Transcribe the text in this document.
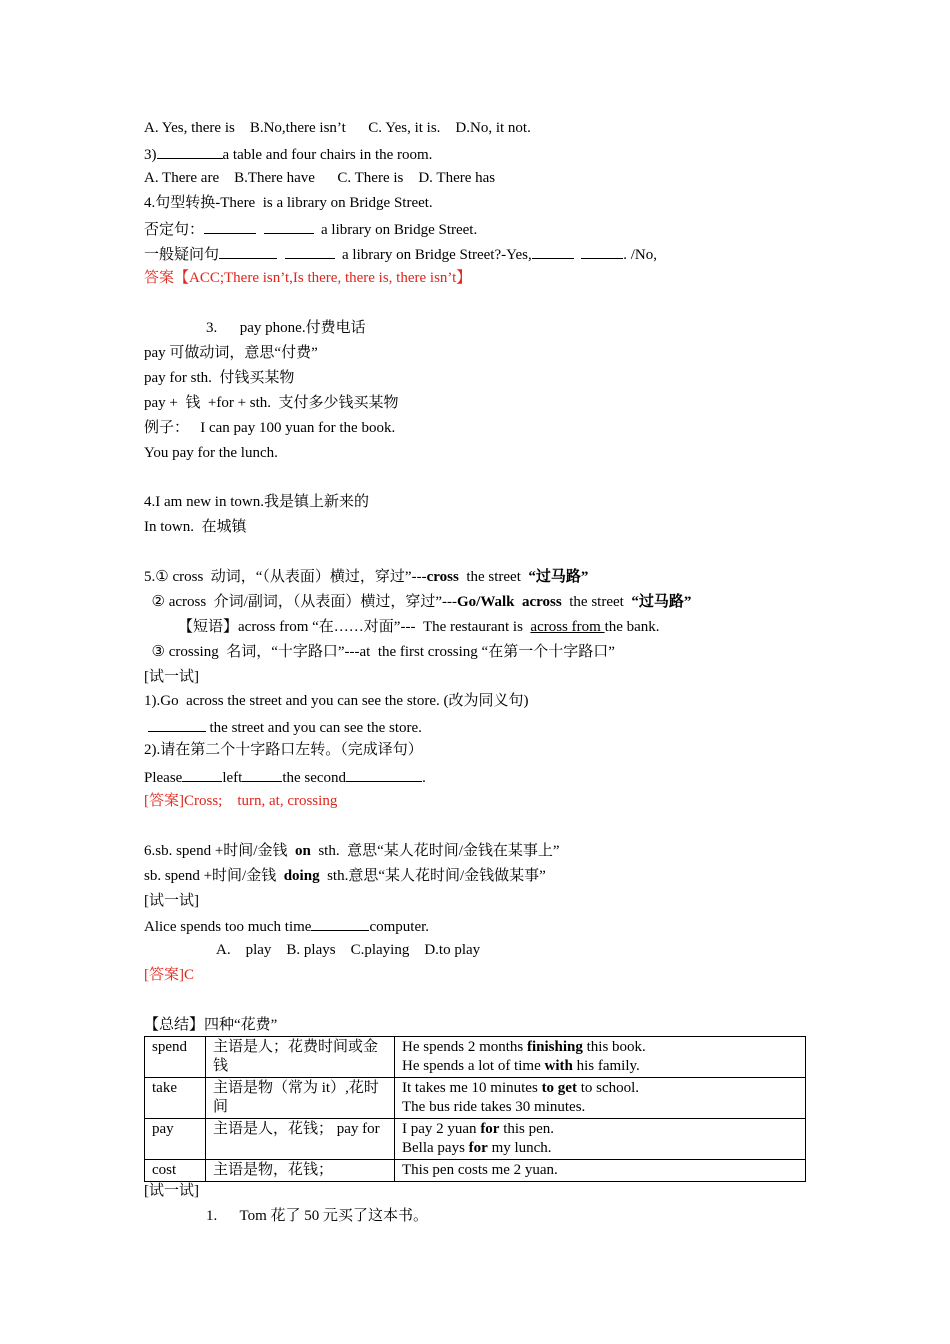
A. Yes, there is    B.No,there isn’t      C. Yes, it is.    D.No, it not.
3)	a table and four chairs in the room.
A. There are    B.There have      C. There is    D. There has
4.句型转换-There  is a library on Bridge Street.
否定句：	a library on Bridge Street.
一般疑问句	a library on Bridge Street?-Yes,	. /No,
答案【ACC;There isn’t,Is there, there is, there isn’t】
3.      pay phone.付费电话
pay 可做动词，意思“付费”
pay for sth.  付钱买某物
pay +  钱  +for + sth.  支付多少钱买某物
例子：   I can pay 100 yuan for the book.
You pay for the lunch.
4.I am new in town.我是镇上新来的
In town.  在城镇
5.① cross  动词，“（从表面）横过，穿过”---cross  the street  “过马路”
② across  介词/副词，（从表面）横过，穿过”---Go/Walk  across  the street  “过马路”
【短语】across from “在……对面”---  The restaurant is  across from the bank.
③ crossing  名词，“十字路口”---at  the first crossing “在第一个十字路口”
[试一试]
1).Go  across the street and you can see the store. (改为同义句)
the street and you can see the store.
2).请在第二个十字路口左转。（完成译句）
Please	left	the second	.
[答案]Cross;    turn, at, crossing
6.sb. spend +时间/金钱  on  sth.  意思“某人花时间/金钱在某事上”
sb. spend +时间/金钱  doing  sth.意思“某人花时间/金钱做某事”
[试一试]
Alice spends too much time	computer.
A.    play    B. plays    C.playing    D.to play
[答案]C
【总结】四种“花费”
spend	主语是人；花费时间或金钱	He spends 2 months finishing this book.
He spends a lot of time with his family.

take	主语是物（常为 it）,花时间	It takes me 10 minutes to get to school.
The bus ride takes 30 minutes.

pay	主语是人，花钱； pay for	I pay 2 yuan for this pen.
Bella pays for my lunch.

cost	主语是物，花钱；	This pen costs me 2 yuan.
[试一试]
1.      Tom 花了 50 元买了这本书。
